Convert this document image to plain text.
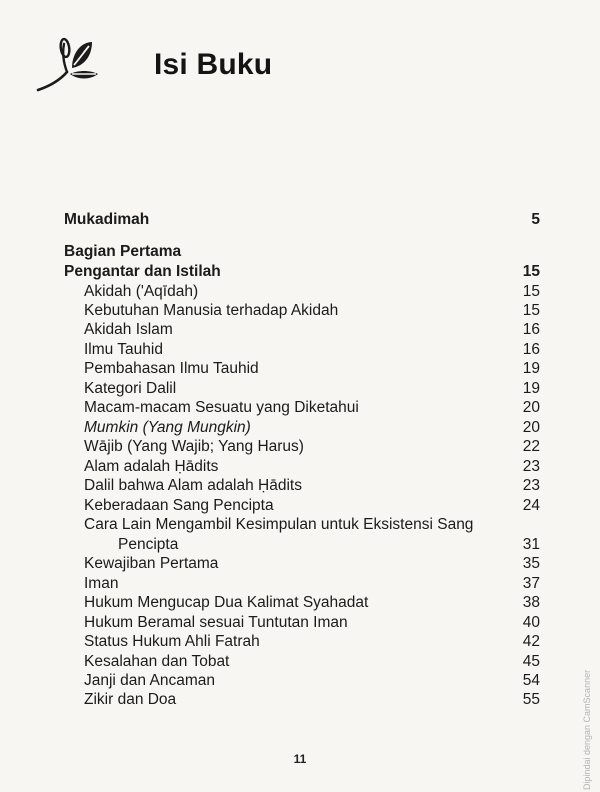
Isi Buku
Mukadimah	5
Bagian Pertama
Pengantar dan Istilah	15
Akidah ('Aqīdah)	15
Kebutuhan Manusia terhadap Akidah	15
Akidah Islam	16
Ilmu Tauhid	16
Pembahasan Ilmu Tauhid	19
Kategori Dalil	19
Macam-macam Sesuatu yang Diketahui	20
Mumkin (Yang Mungkin)	20
Wājib (Yang Wajib; Yang Harus)	22
Alam adalah Ḥādits	23
Dalil bahwa Alam adalah Ḥādits	23
Keberadaan Sang Pencipta	24
Cara Lain Mengambil Kesimpulan untuk Eksistensi Sang
Pencipta	31
Kewajiban Pertama	35
Iman	37
Hukum Mengucap Dua Kalimat Syahadat	38
Hukum Beramal sesuai Tuntutan Iman	40
Status Hukum Ahli Fatrah	42
Kesalahan dan Tobat	45
Janji dan Ancaman	54
Zikir dan Doa	55
11	Dipindai dengan CamScanner
